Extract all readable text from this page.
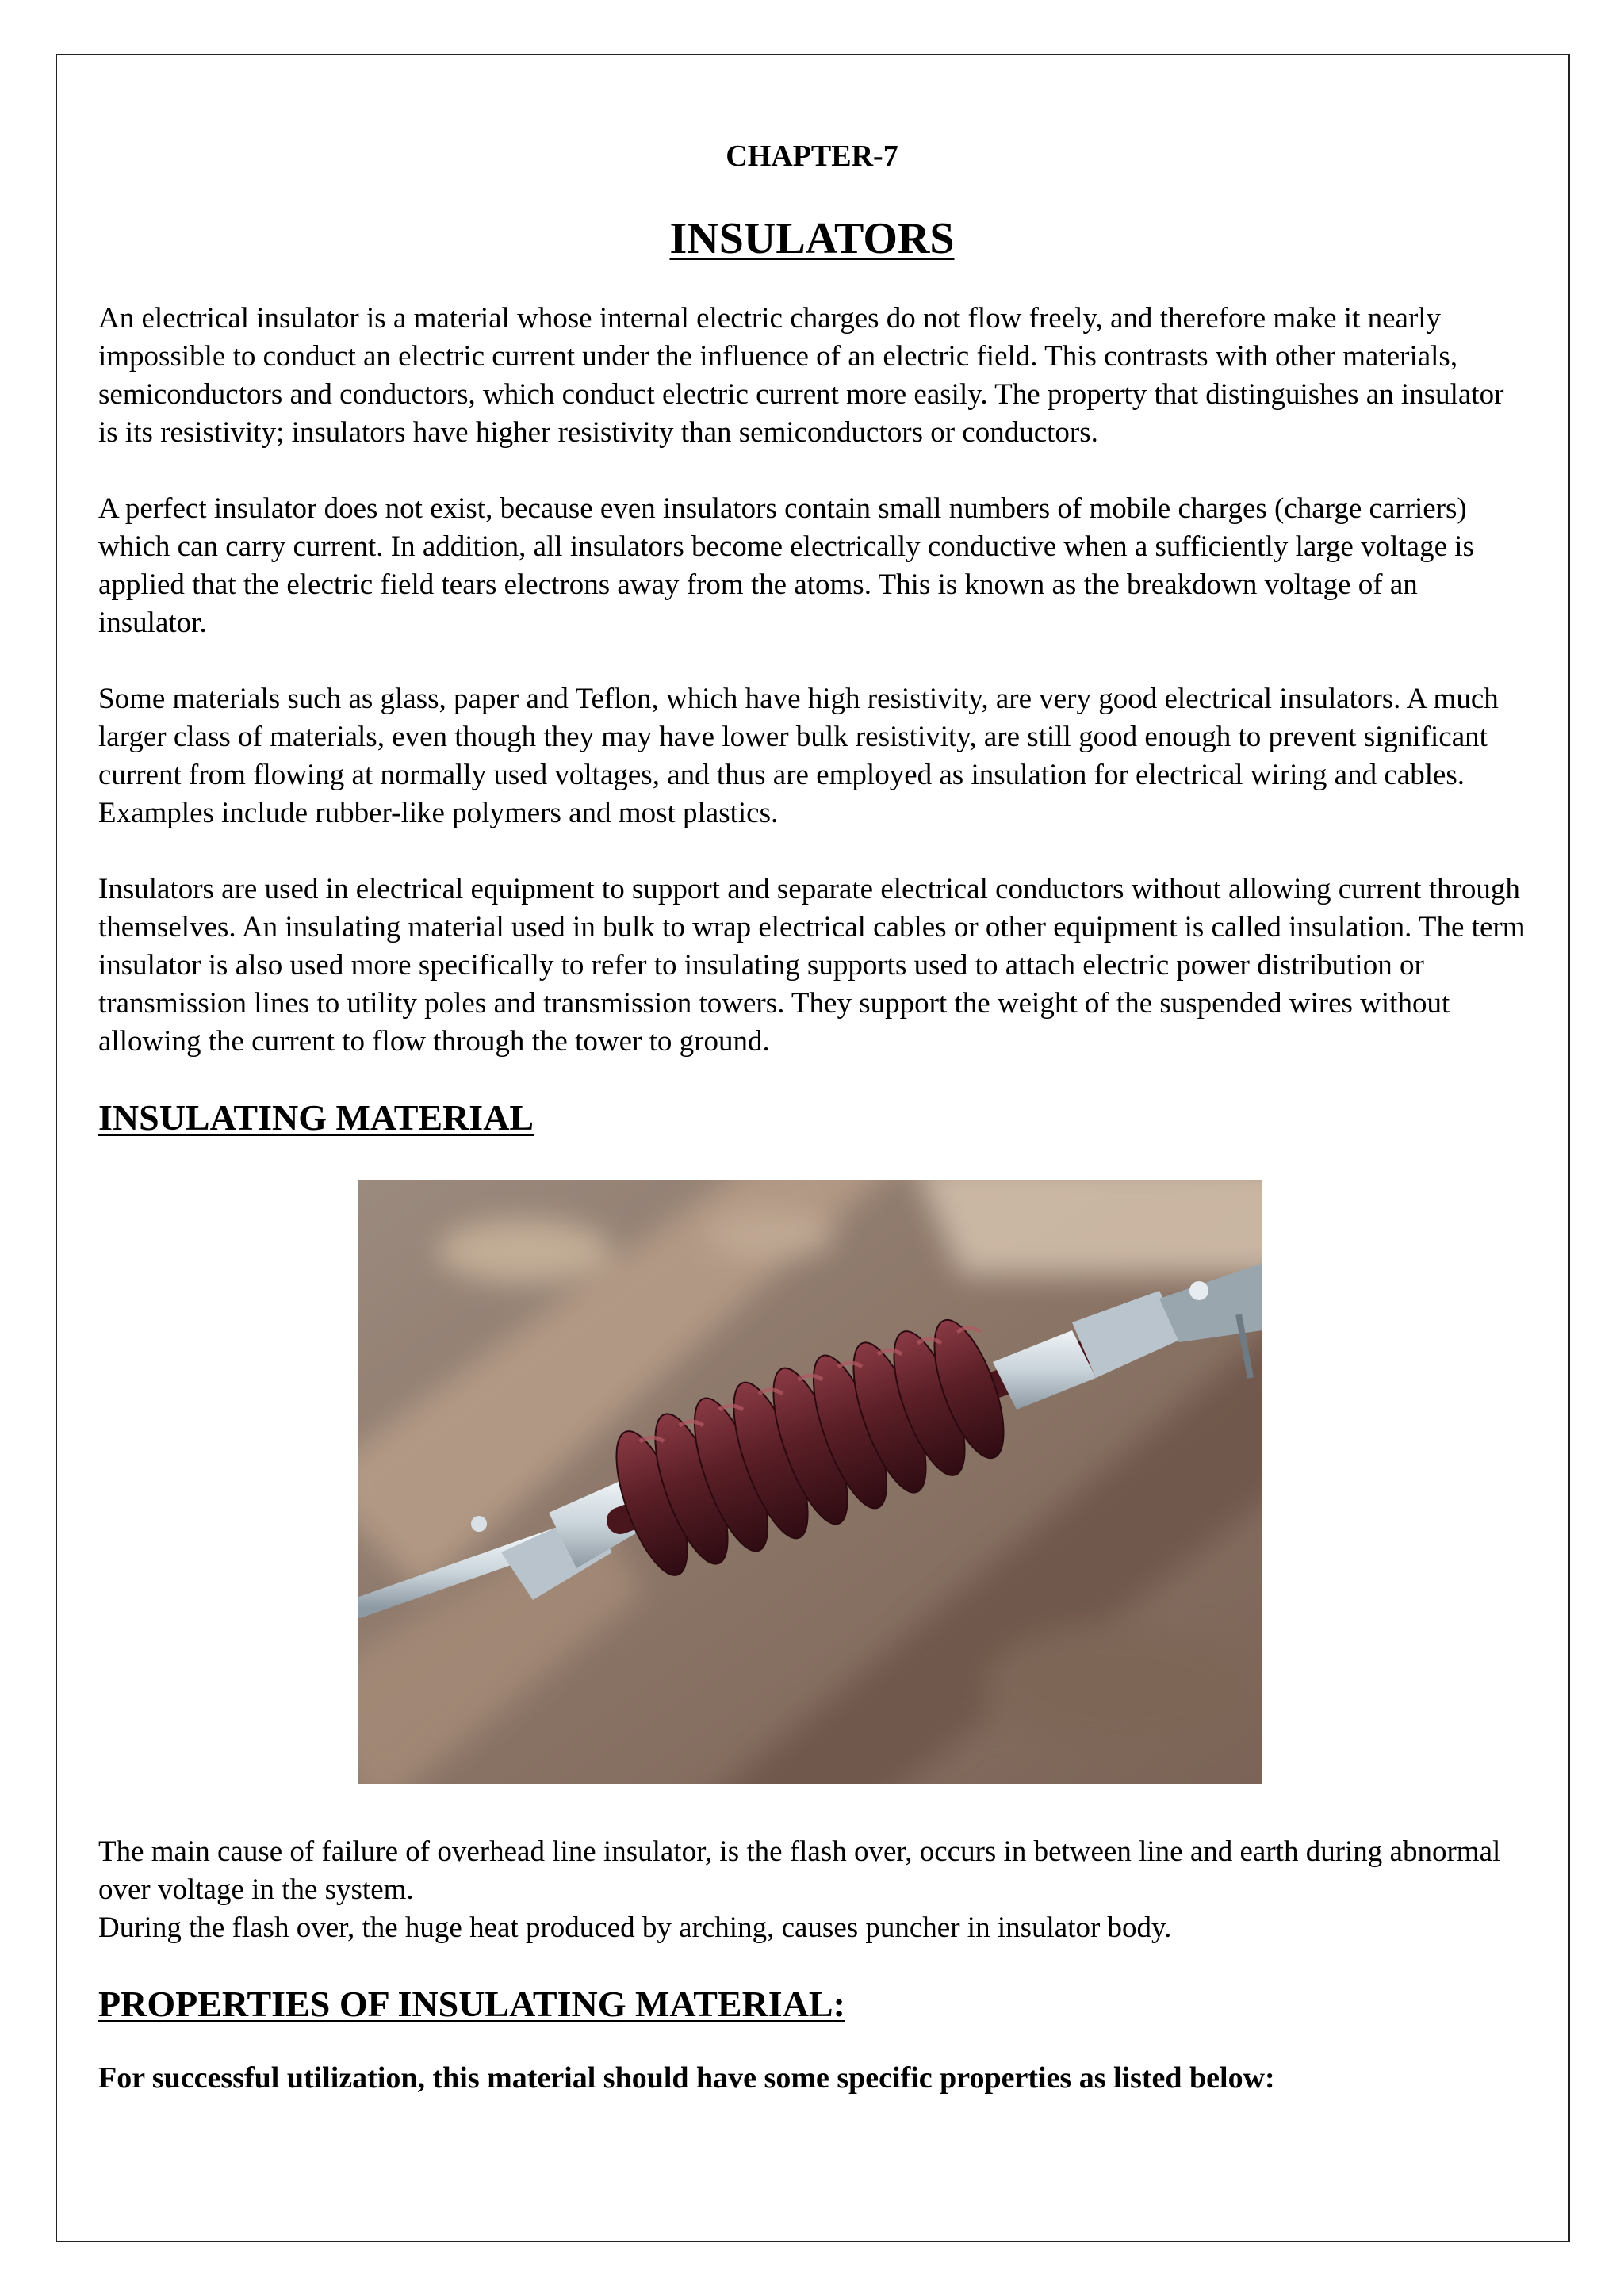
CHAPTER-7

INSULATORS

An electrical insulator is a material whose internal electric charges do not flow freely, and therefore make it nearly impossible to conduct an electric current under the influence of an electric field. This contrasts with other materials, semiconductors and conductors, which conduct electric current more easily. The property that distinguishes an insulator is its resistivity; insulators have higher resistivity than semiconductors or conductors.

A perfect insulator does not exist, because even insulators contain small numbers of mobile charges (charge carriers) which can carry current. In addition, all insulators become electrically conductive when a sufficiently large voltage is applied that the electric field tears electrons away from the atoms. This is known as the breakdown voltage of an insulator.

Some materials such as glass, paper and Teflon, which have high resistivity, are very good electrical insulators. A much larger class of materials, even though they may have lower bulk resistivity, are still good enough to prevent significant current from flowing at normally used voltages, and thus are employed as insulation for electrical wiring and cables. Examples include rubber-like polymers and most plastics.

Insulators are used in electrical equipment to support and separate electrical conductors without allowing current through themselves. An insulating material used in bulk to wrap electrical cables or other equipment is called insulation. The term insulator is also used more specifically to refer to insulating supports used to attach electric power distribution or transmission lines to utility poles and transmission towers. They support the weight of the suspended wires without allowing the current to flow through the tower to ground.

INSULATING MATERIAL

The main cause of failure of overhead line insulator, is the flash over, occurs in between line and earth during abnormal over voltage in the system.

During the flash over, the huge heat produced by arching, causes puncher in insulator body.

PROPERTIES OF INSULATING MATERIAL:

For successful utilization, this material should have some specific properties as listed below:
